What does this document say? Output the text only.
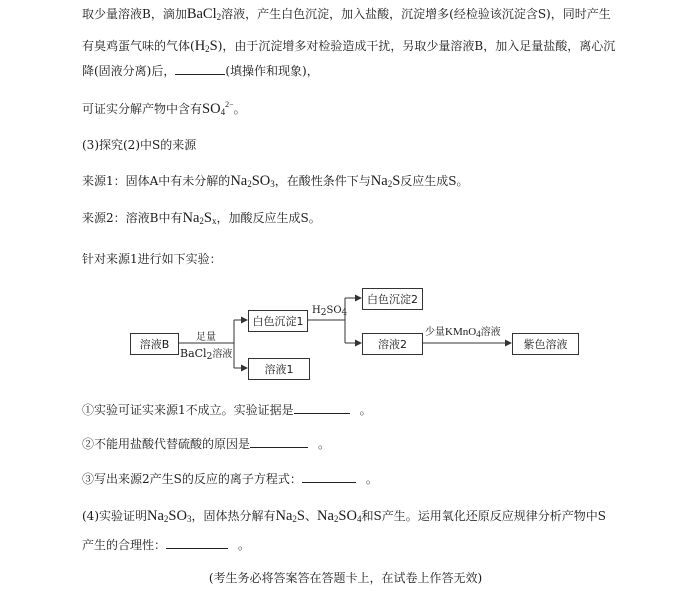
取少量溶液B，滴加BaCl$_2$溶液，产生白色沉淀，加入盐酸，沉淀增多(经检验该沉淀含S)，同时产生
有臭鸡蛋气味的气体$(H_2S)$，由于沉淀增多对检验造成干扰，另取少量溶液B，加入足量盐酸，离心沉
降(固液分离)后，	(填操作和现象)，
可证实分解产物中含有$SO_4^{2-}$。
(3)探究(2)中S的来源
来源1：固体A中有未分解的$Na_2SO_3$，在酸性条件下与$Na_2S$反应生成S。
来源2：溶液B中有$Na_2S_x$，加酸反应生成S。
针对来源1进行如下实验：
溶液B
足量
BaCl$_2$溶液
白色沉淀1
溶液1
$H_2SO_4$
白色沉淀2
溶液2
少量KMnO$_4$溶液
紫色溶液
①实验可证实来源1不成立。实验证据是	。
②不能用盐酸代替硫酸的原因是	。
③写出来源2产生S的反应的离子方程式：	。
(4)实验证明$Na_2SO_3$，固体热分解有$Na_2S$、$Na_2SO_4$和S产生。运用氧化还原反应规律分析产物中S
产生的合理性：	。
(考生务必将答案答在答题卡上，在试卷上作答无效)
